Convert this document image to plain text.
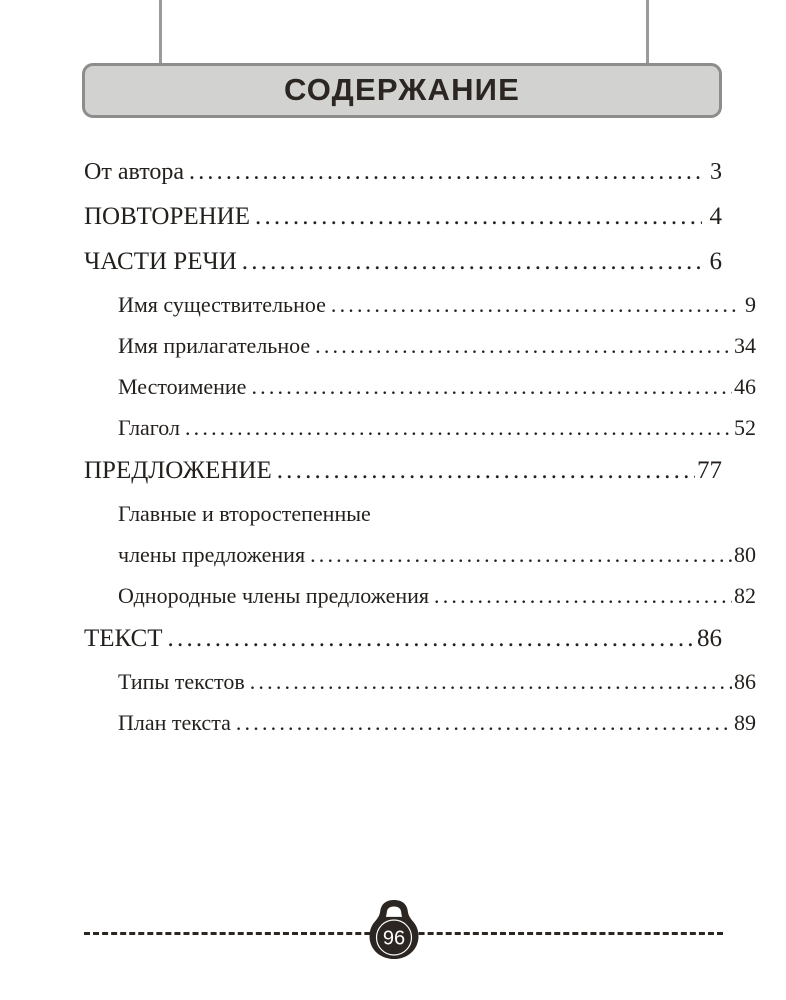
СОДЕРЖАНИЕ
От автора .....	3
ПОВТОРЕНИЕ .....	4
ЧАСТИ РЕЧИ .....	6
Имя существительное .....	9
Имя прилагательное .....	34
Местоимение .....	46
Глагол .....	52
ПРЕДЛОЖЕНИЕ .....	77
Главные и второстепенные
члены предложения .....	80
Однородные члены предложения .....	82
ТЕКСТ .....	86
Типы текстов .....	86
План текста .....	89
96
